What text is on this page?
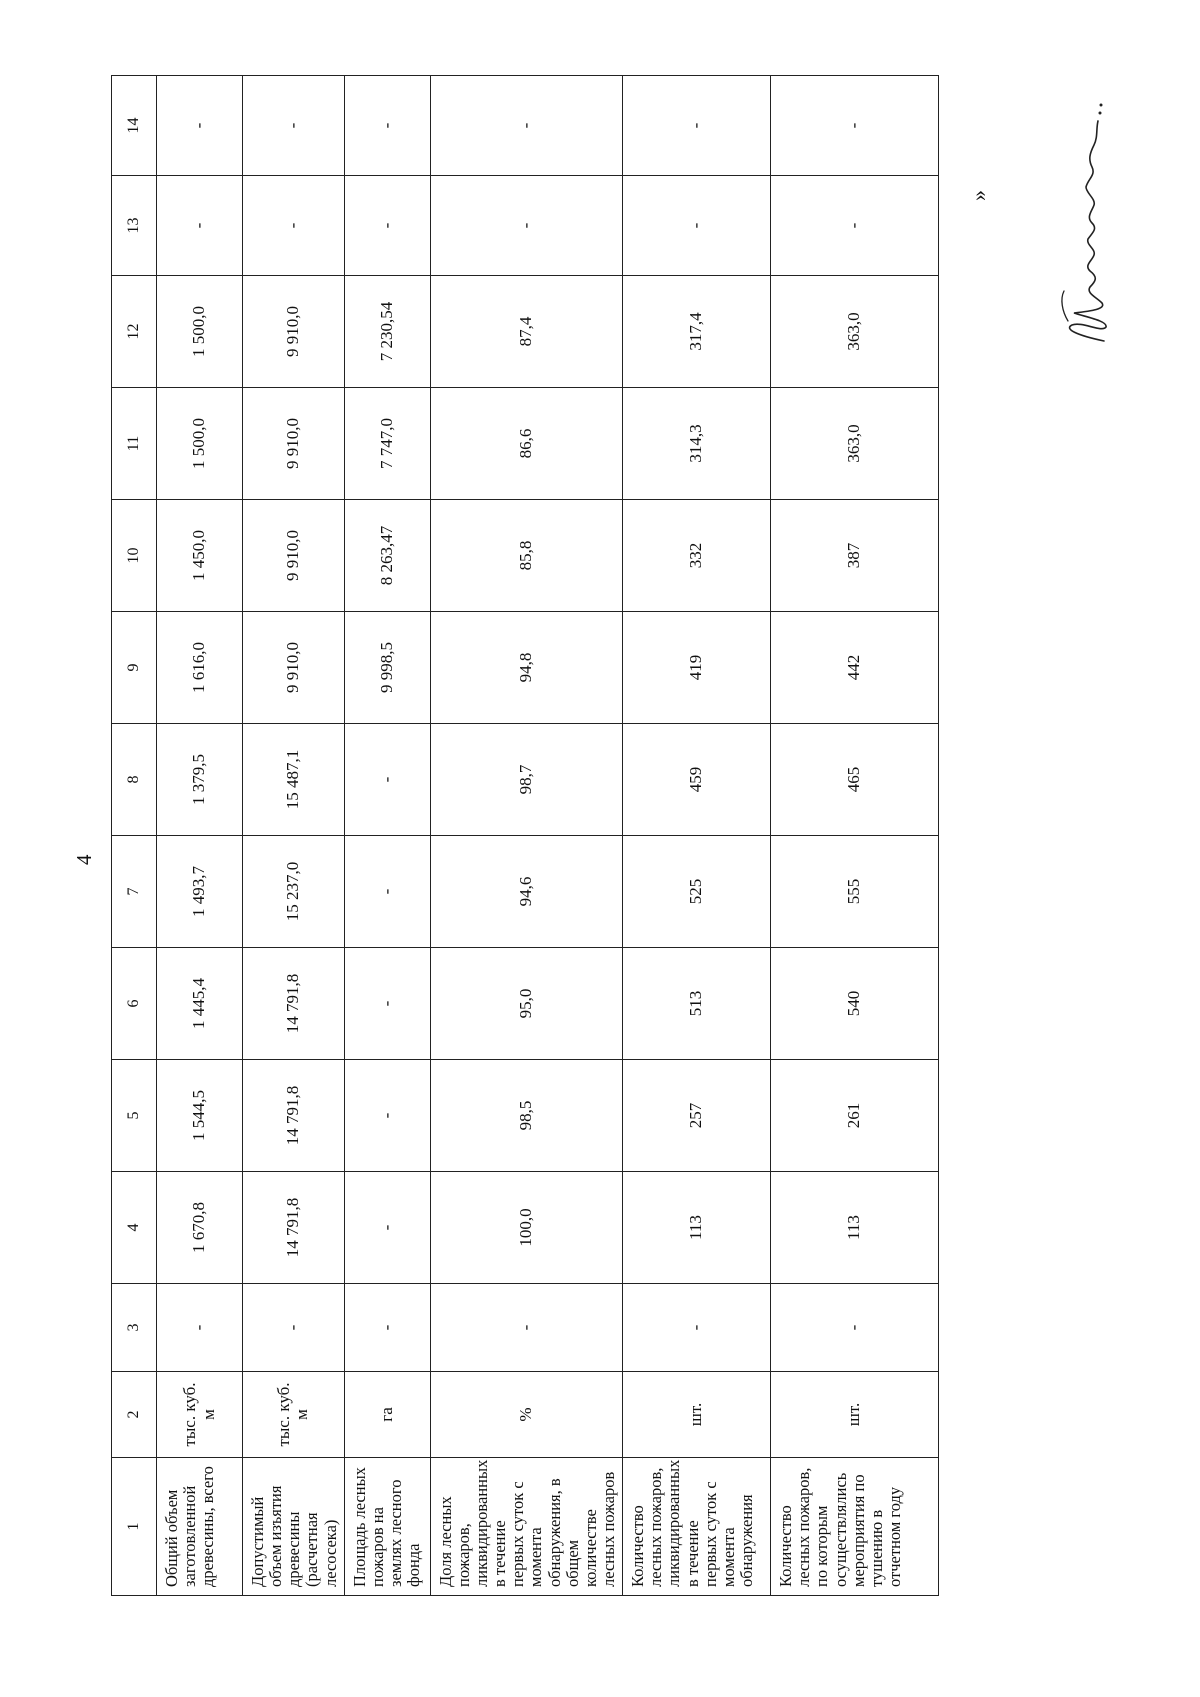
4
1	2	3	4	5	6	7	8	9	10	11	12	13	14
Общий объем заготовленной древесины, всего	тыс. куб. м	-	1 670,8	1 544,5	1 445,4	1 493,7	1 379,5	1 616,0	1 450,0	1 500,0	1 500,0	-	-
Допустимый объем изъятия древесины (расчетная лесосека)	тыс. куб. м	-	14 791,8	14 791,8	14 791,8	15 237,0	15 487,1	9 910,0	9 910,0	9 910,0	9 910,0	-	-
Площадь лесных пожаров на землях лесного фонда	га	-	-	-	-	-	-	9 998,5	8 263,47	7 747,0	7 230,54	-	-
Доля лесных пожаров, ликвидированных в течение первых суток с момента обнаружения, в общем количестве лесных пожаров	%	-	100,0	98,5	95,0	94,6	98,7	94,8	85,8	86,6	87,4	-	-
Количество лесных пожаров, ликвидированных в течение первых суток с момента обнаружения	шт.	-	113	257	513	525	459	419	332	314,3	317,4	-	-
Количество лесных пожаров, по которым осуществлялись мероприятия по тушению в отчетном году	шт.	-	113	261	540	555	465	442	387	363,0	363,0	-	-
»
